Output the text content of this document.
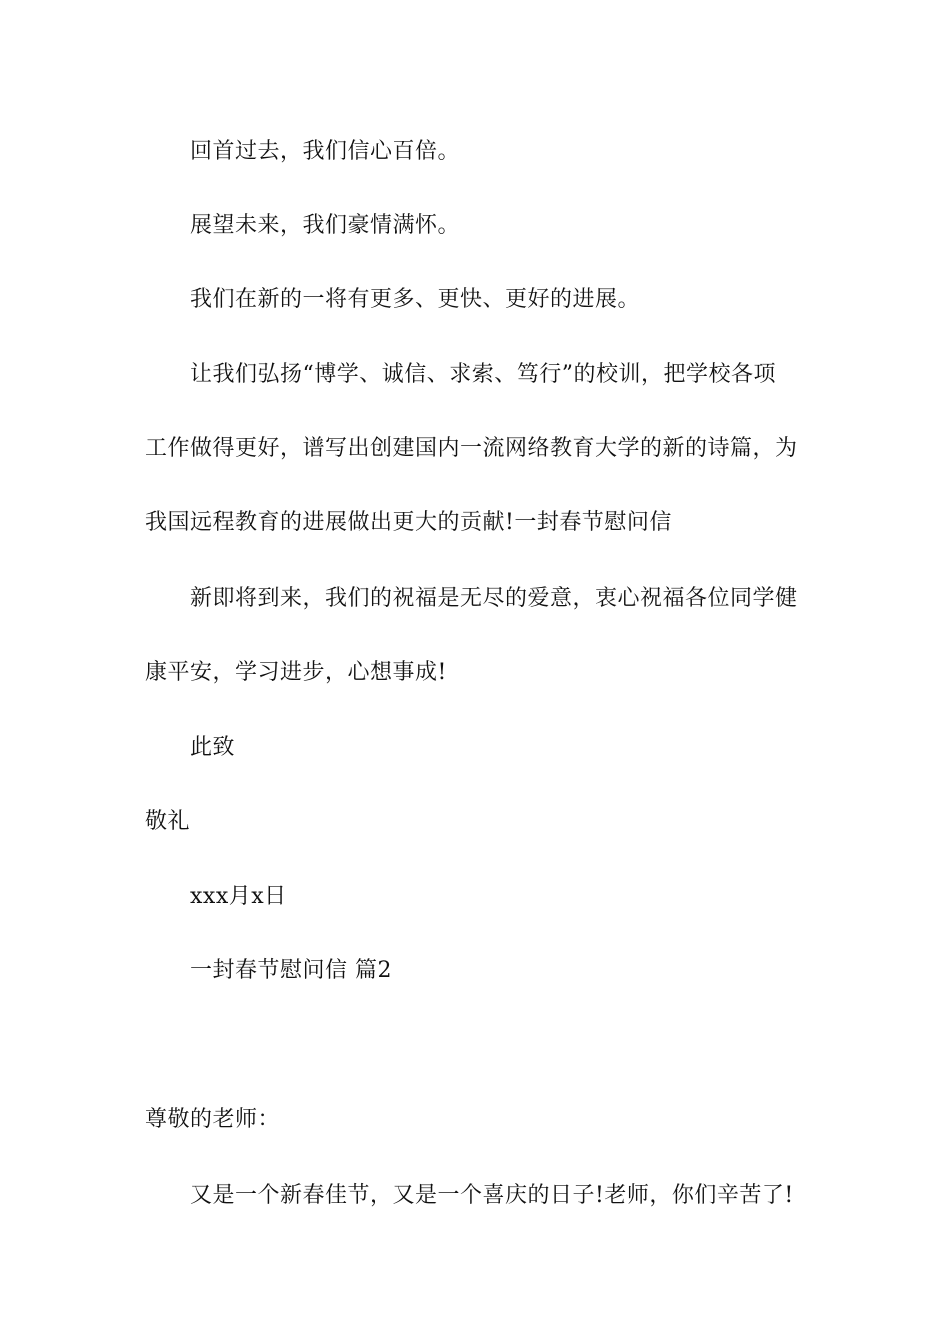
回首过去，我们信心百倍。
展望未来，我们豪情满怀。
我们在新的一将有更多、更快、更好的进展。
让我们弘扬“博学、诚信、求索、笃行”的校训，把学校各项
工作做得更好，谱写出创建国内一流网络教育大学的新的诗篇，为
我国远程教育的进展做出更大的贡献!一封春节慰问信
新即将到来，我们的祝福是无尽的爱意，衷心祝福各位同学健
康平安，学习进步，心想事成!
此致
敬礼
xxx月x日
一封春节慰问信 篇2
尊敬的老师：
又是一个新春佳节，又是一个喜庆的日子!老师，你们辛苦了!
